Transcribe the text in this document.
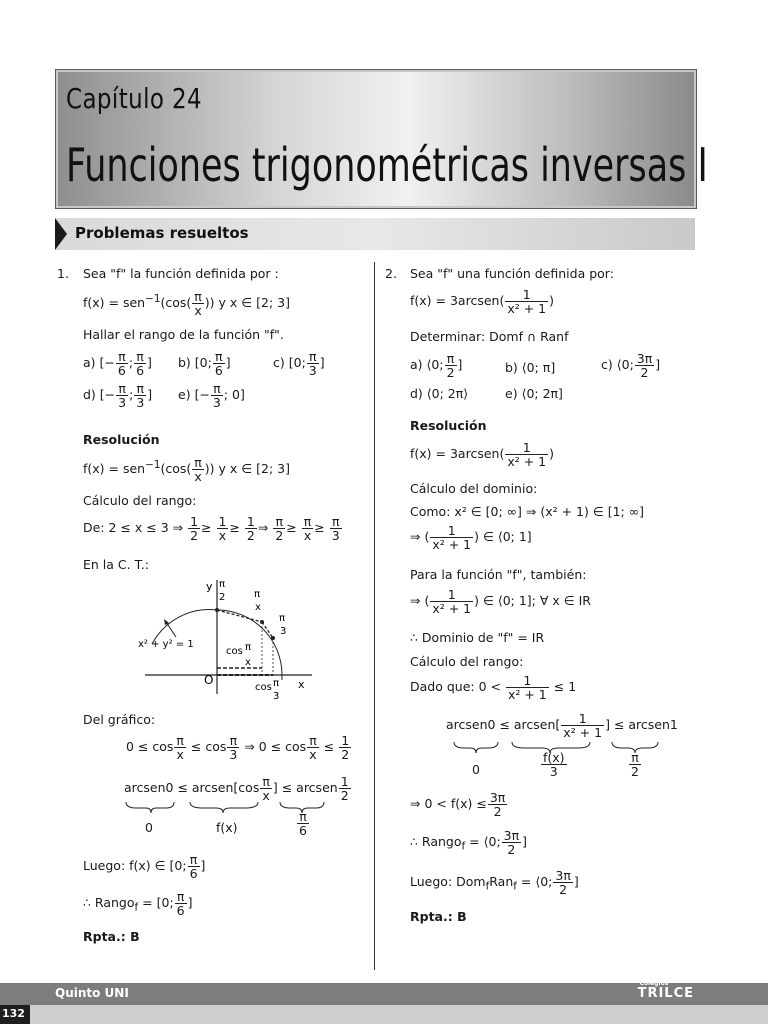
Capítulo 24
Funciones trigonométricas inversas I
Problemas resueltos
1. Sea "f" la función definida por :
$f(x) = sen^{-1}(\cos( \frac{\pi}{x}$ )) y x ∈ [2; 3]
Hallar el rango de la función "f".
a) [− $\frac{\pi}{6}$ ; $\frac{\pi}{6}$ ] b) [0; $\frac{\pi}{6}$ ]	c) [0; $\frac{\pi}{3}$ ]
d) [− $\frac{\pi}{3}$ ; $\frac{\pi}{3}$ ] e) [− $\frac{\pi}{3}$ ; 0]
Resolución
$f(x) = sen^{-1}(\cos( \frac{\pi}{x}$ )) y x ∈ [2; 3]
Cálculo del rango:
De: 2 ≤ x ≤ 3 ⇒ $\frac{1}{2} \ge \frac{1}{x} \ge \frac{1}{2}$ ⇒ $\frac{\pi}{2} \ge \frac{\pi}{x} \ge \frac{\pi}{3}$
En la C. T.:
y
x
O
x² + y² = 1
π
2	π
x
π
3
cos π
x
cos π
3
Del gráfico:
$0 \le \cos \frac{\pi}{x} \le \cos \frac{\pi}{3}$ ⇒ $0 \le \cos \frac{\pi}{x} \le \frac{1}{2}$
arcsen0 ≤ arcsen[cos $\frac{\pi}{x}$ ] ≤ arcsen $\frac{1}{2}$
0	f(x)	$\frac{\pi}{6}$
Luego: f(x) ∈ [0; $\frac{\pi}{6}$ ]
∴ Rango$_f$ = [0; $\frac{\pi}{6}$ ]
Rpta.: B
2. Sea "f" una función definida por:
f(x) = 3arcsen( $\frac{1}{\text{x² + 1}}$ )
Determinar: Domf ∩ Ranf
a) ⟨0; $\frac{\pi}{2}$ ]	b) ⟨0; π]	c) ⟨0; $\frac{3\pi}{2}$ ]
d) ⟨0; 2π⟩	e) ⟨0; 2π]
Resolución
f(x) = 3arcsen( $\frac{1}{\text{x² + 1}}$ )
Cálculo del dominio:
Como: x² ∈ [0; ∞] ⇒ (x² + 1) ∈ [1; ∞]
⇒ ( $\frac{1}{\text{x² + 1}}$ ) ∈ ⟨0; 1]
Para la función "f", también:
⇒ ( $\frac{1}{\text{x² + 1}}$ ) ∈ ⟨0; 1]; ∀ x ∈ IR
∴ Dominio de "f" = IR
Cálculo del rango:
Dado que: $0 < \frac{1}{\text{x² + 1}} \le 1$
arcsen0 ≤ arcsen[ $\frac{1}{\text{x² + 1}}$ ] ≤ arcsen1
0	$\frac{f(x)}{3}$	$\frac{\pi}{2}$
⇒ $0 < f(x) \le \frac{3\pi}{2}$
∴ Rango$_f$ = ⟨0; $\frac{3\pi}{2}$ ]
Luego: Dom$_f$Ran$_f$ = ⟨0; $\frac{3\pi}{2}$ ]
Rpta.: B
Quinto UNI
Colegios
TRILCE
132
